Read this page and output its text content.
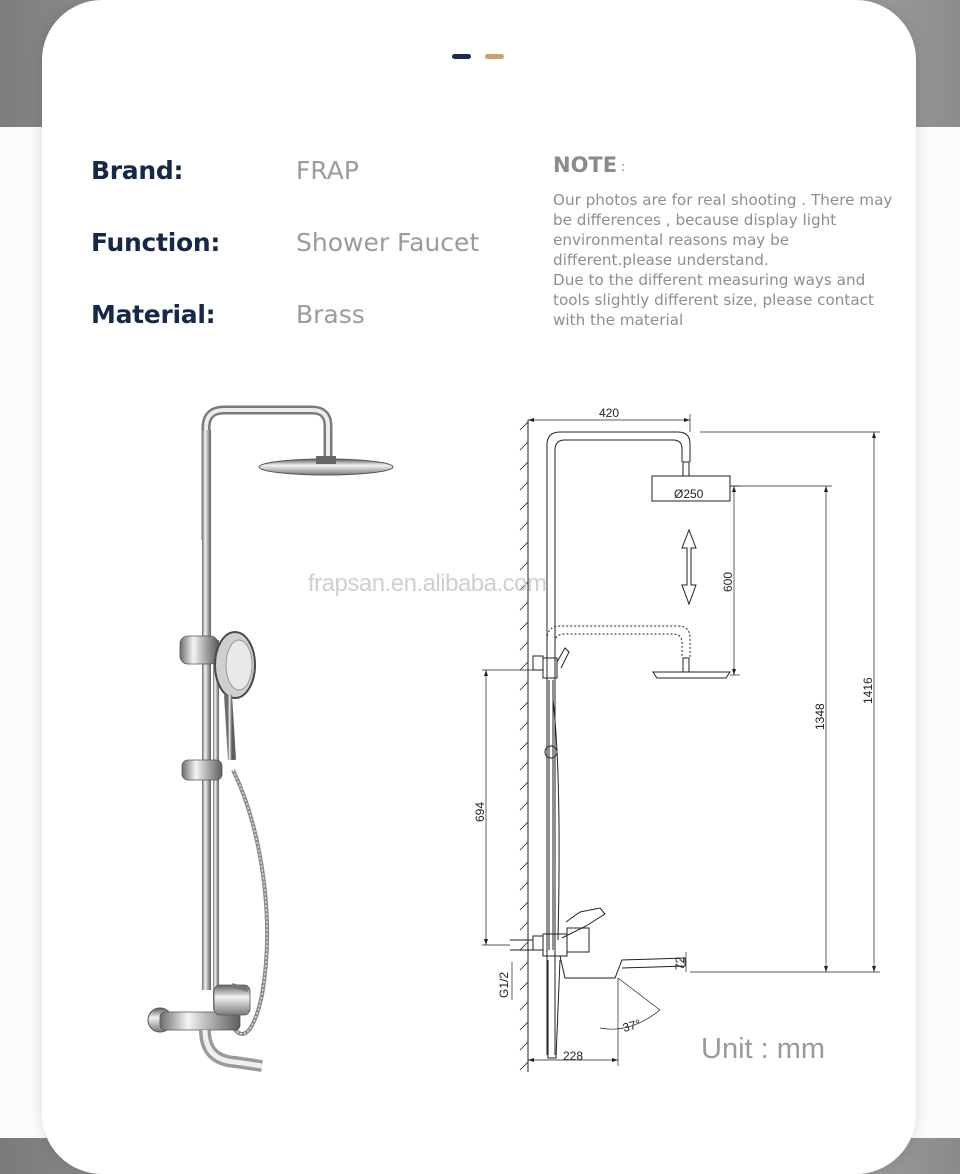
Brand:	FRAP
Function:	Shower Faucet
Material:	Brass
NOTE :
Our photos are for real shooting . There may be differences , because display light environmental reasons may be different.please understand.
Due to the different measuring ways and tools slightly different size, please contact with the material
420
Ø250
600
1348
1416
694
G1/2
72
37°
228
frapsan.en.alibaba.com
Unit : mm
